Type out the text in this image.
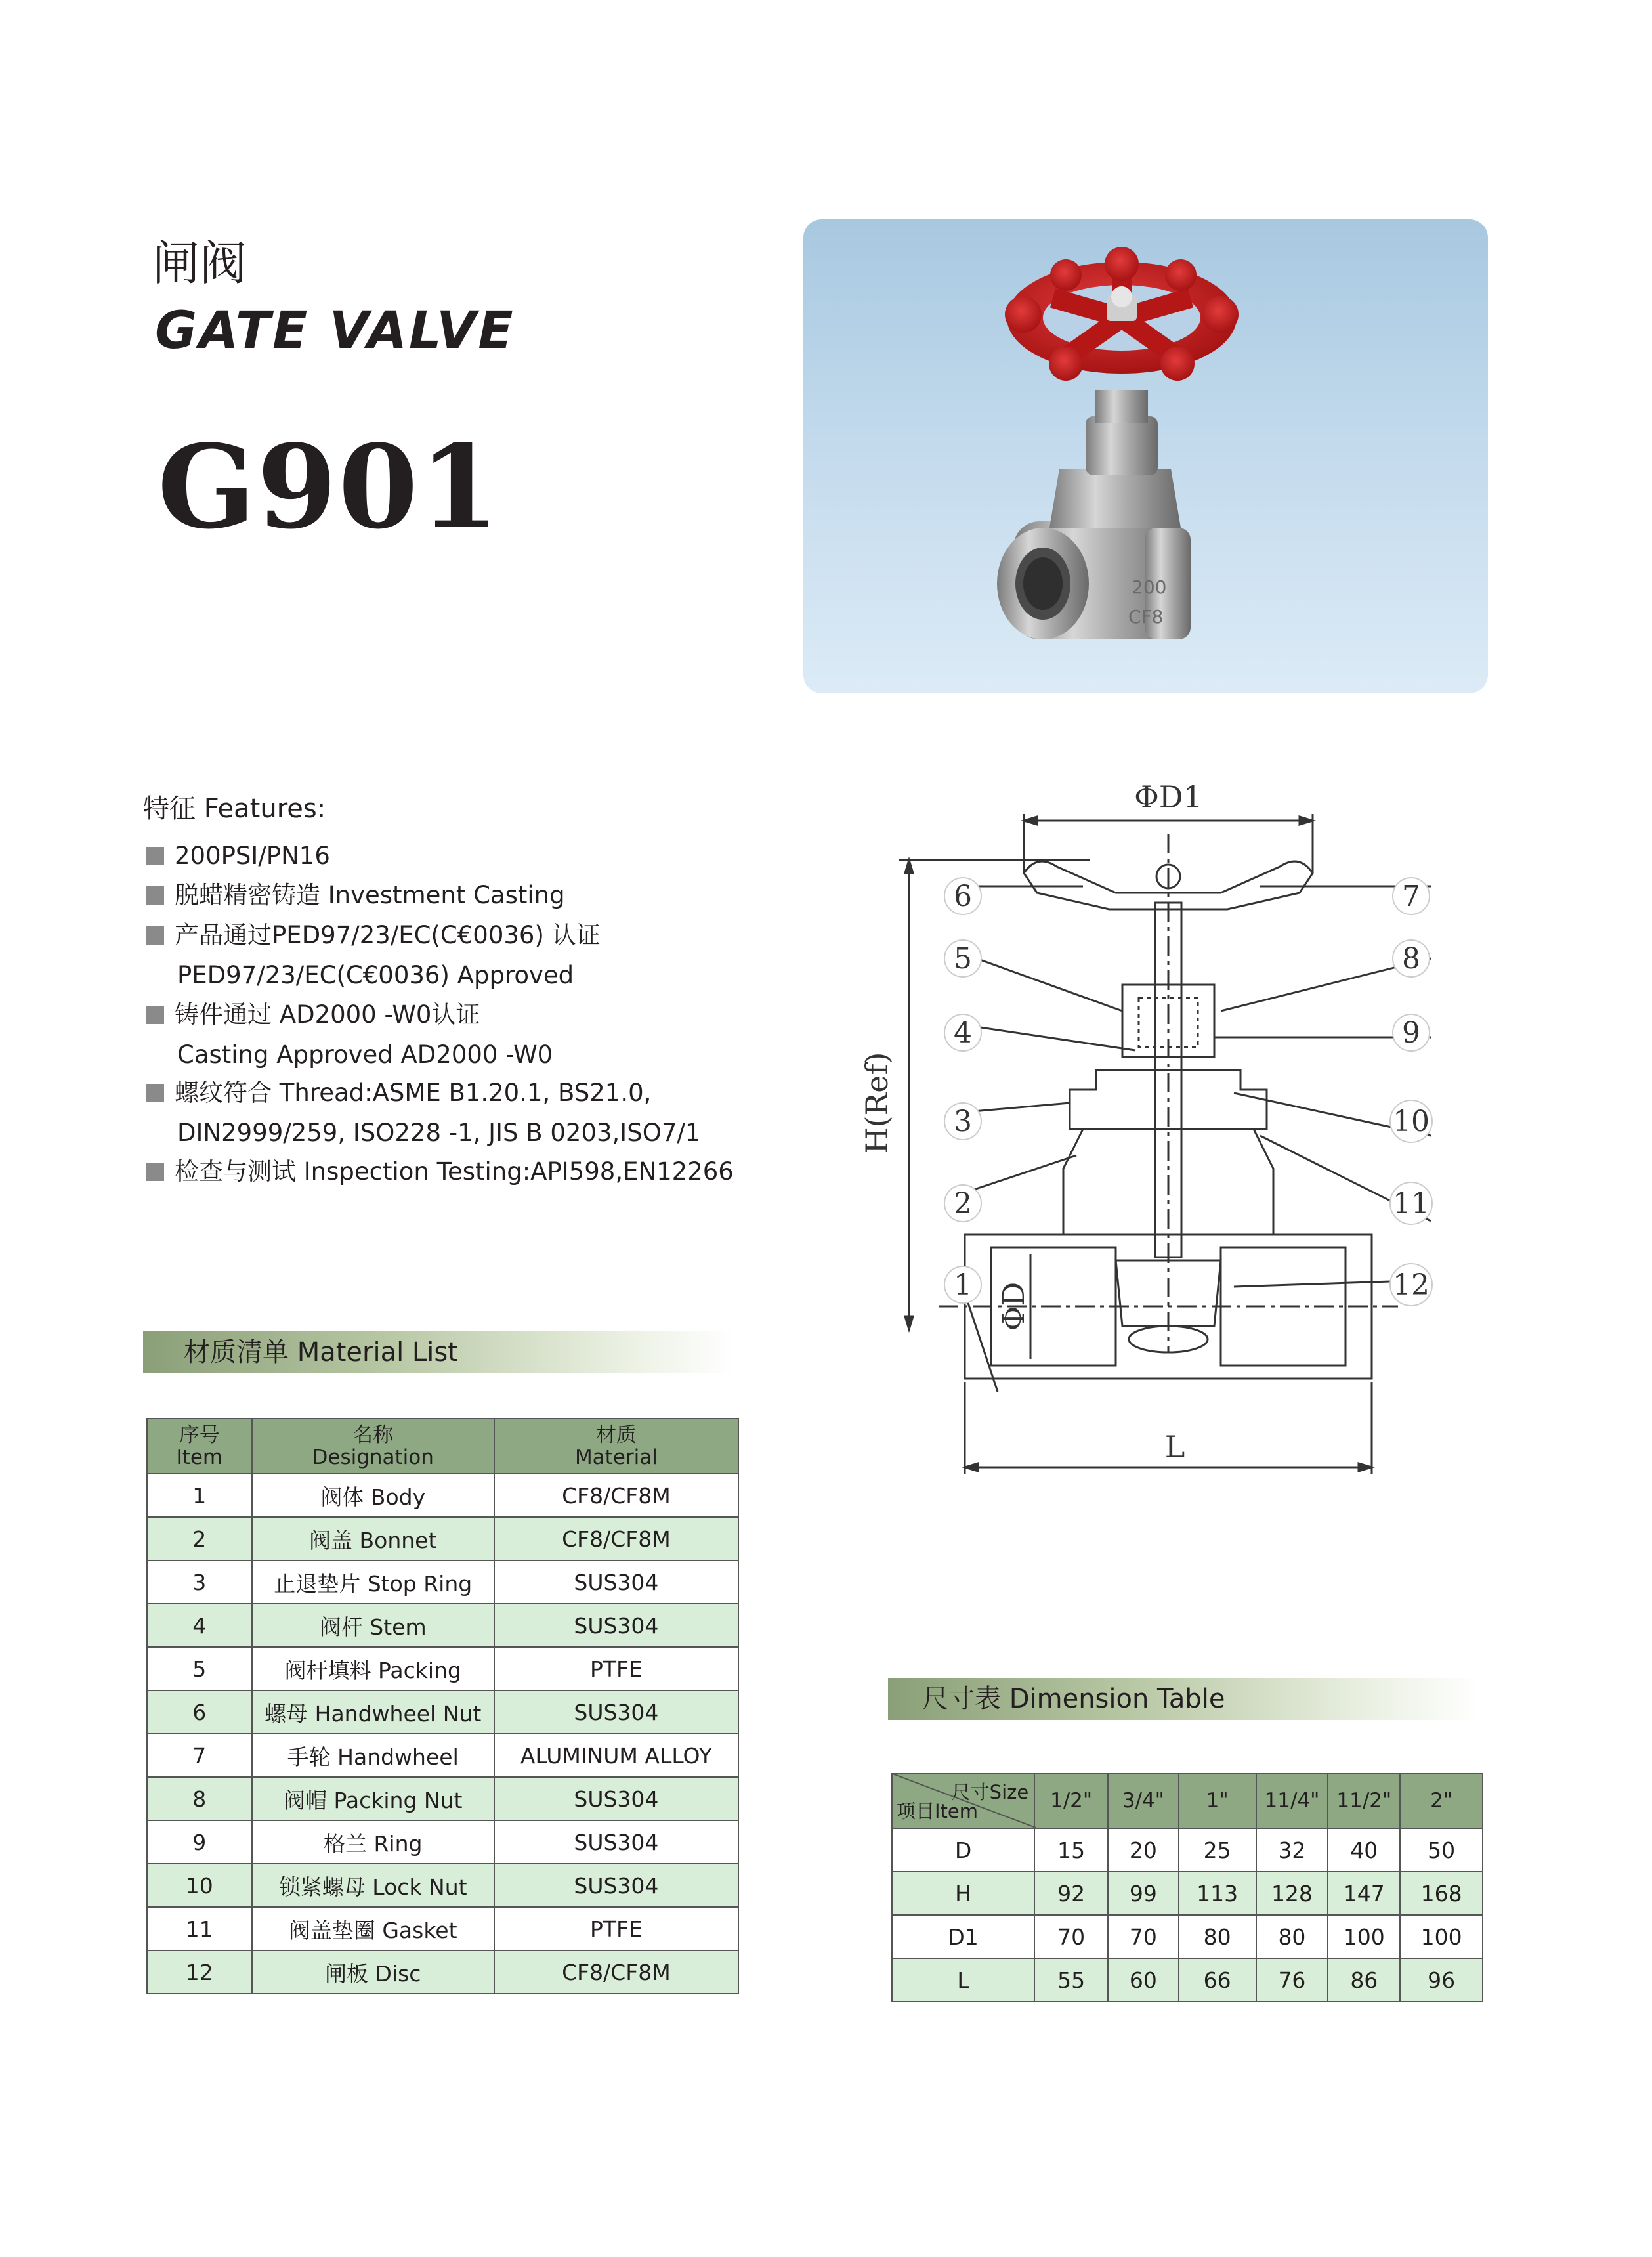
闸阀
GATE VALVE
G901
200
CF8
特征 Features:
200PSI/PN16
脱蜡精密铸造 Investment Casting
产品通过PED97/23/EC(C€0036) 认证
PED97/23/EC(C€0036) Approved
铸件通过 AD2000 -W0认证
Casting Approved AD2000 -W0
螺纹符合 Thread:ASME B1.20.1, BS21.0,
DIN2999/259, ISO228 -1, JIS B 0203,ISO7/1
检查与测试 Inspection Testing:API598,EN12266
材质清单 Material List
序号
Item	名称
Designation	材质
Material
1	阀体 Body	CF8/CF8M
2	阀盖 Bonnet	CF8/CF8M
3	止退垫片 Stop Ring	SUS304
4	阀杆 Stem	SUS304
5	阀杆填料 Packing	PTFE
6	螺母 Handwheel Nut	SUS304
7	手轮 Handwheel	ALUMINUM ALLOY
8	阀帽 Packing Nut	SUS304
9	格兰 Ring	SUS304
10	锁紧螺母 Lock Nut	SUS304
11	阀盖垫圈 Gasket	PTFE
12	闸板 Disc	CF8/CF8M
ΦD1
L
H(Ref)
ΦD
6
5
4
3
2
1
7
8
9
10
11
12
尺寸表 Dimension Table
尺寸Size
项目Item	1/2"	3/4"	1"	11/4"	11/2"	2"
D	15	20	25	32	40	50
H	92	99	113	128	147	168
D1	70	70	80	80	100	100
L	55	60	66	76	86	96
